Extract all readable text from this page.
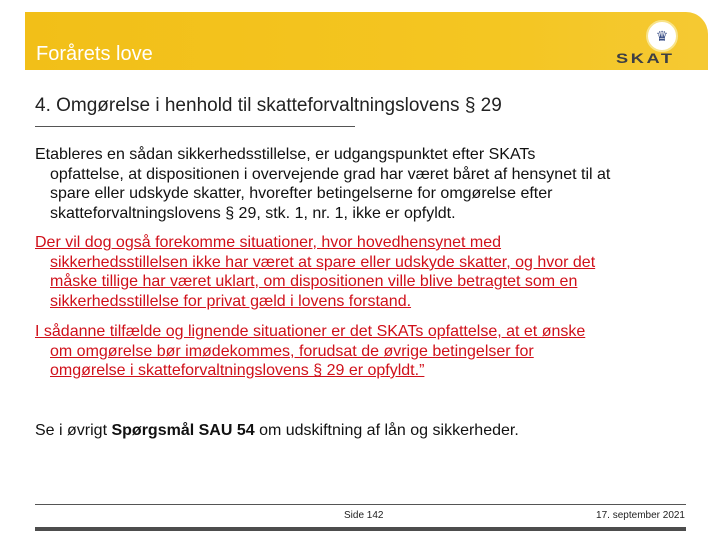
Forårets love
♛
SKAT
4. Omgørelse i henhold til skatteforvaltningslovens § 29
Etableres en sådan sikkerhedsstillelse, er udgangspunktet efter SKATs
opfattelse, at dispositionen i overvejende grad har været båret af hensynet til at
spare eller udskyde skatter, hvorefter betingelserne for omgørelse efter
skatteforvaltningslovens § 29, stk. 1, nr. 1, ikke er opfyldt.
Der vil dog også forekomme situationer, hvor hovedhensynet med
sikkerhedsstillelsen ikke har været at spare eller udskyde skatter, og hvor det
måske tillige har været uklart, om dispositionen ville blive betragtet som en
sikkerhedsstillelse for privat gæld i lovens forstand.
I sådanne tilfælde og lignende situationer er det SKATs opfattelse, at et ønske
om omgørelse bør imødekommes, forudsat de øvrige betingelser for
omgørelse i skatteforvaltningslovens § 29 er opfyldt.”
Se i øvrigt Spørgsmål SAU 54 om udskiftning af lån og sikkerheder.
Side 142	17. september 2021
